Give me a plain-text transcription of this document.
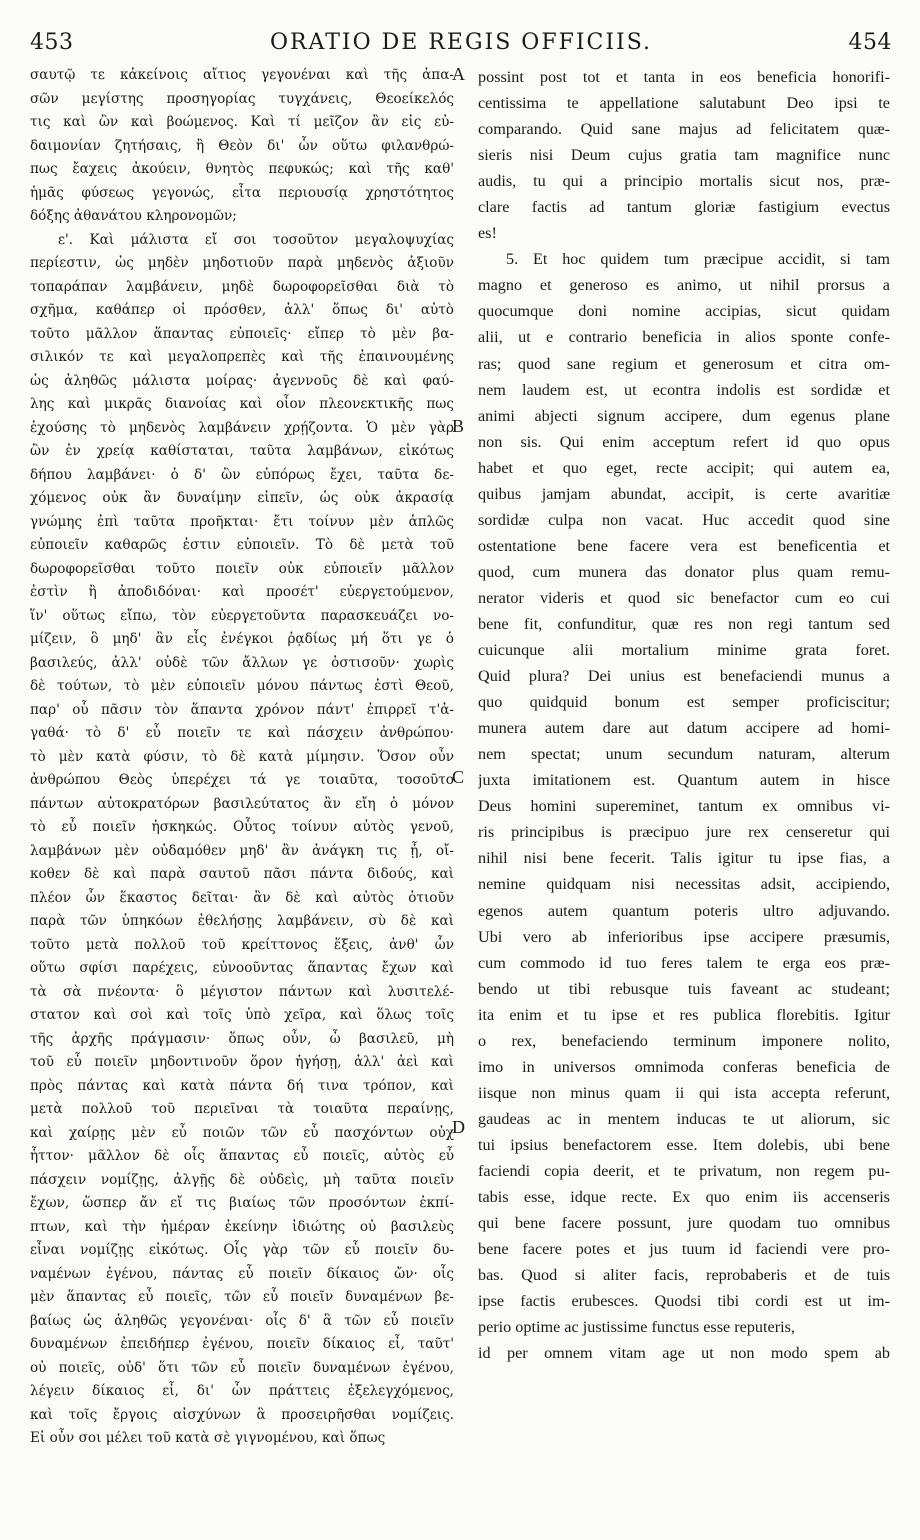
453	ORATIO DE REGIS OFFICIIS.	454
σαυτῷ τε κἀκείνοις αἴτιος γεγονέναι καὶ τῆς ἀπα-
σῶν μεγίστης προσηγορίας τυγχάνεις, Θεοείκελός
τις καὶ ὢν καὶ βοώμενος. Καὶ τί μεῖζον ἂν εἰς εὐ-
δαιμονίαν ζητήσαις, ἢ Θεὸν δι' ὧν οὕτω φιλανθρώ-
πως ἔαχεις ἀκούειν, θνητὸς πεφυκώς; καὶ τῆς καθ'
ἡμᾶς φύσεως γεγονώς, εἶτα περιουσίᾳ χρηστότητος
δόξης ἀθανάτου κληρονομῶν;
ε'. Καὶ μάλιστα εἴ σοι τοσοῦτον μεγαλοψυχίας
περίεστιν, ὡς μηδὲν μηδοτιοῦν παρὰ μηδενὸς ἀξιοῦν
τοπαράπαν λαμβάνειν, μηδὲ δωροφορεῖσθαι διὰ τὸ
σχῆμα, καθάπερ οἱ πρόσθεν, ἀλλ' ὅπως δι' αὐτὸ
τοῦτο μᾶλλον ἅπαντας εὐποιεῖς· εἴπερ τὸ μὲν βα-
σιλικόν τε καὶ μεγαλοπρεπὲς καὶ τῆς ἐπαινουμένης
ὡς ἀληθῶς μάλιστα μοίρας· ἀγεννοῦς δὲ καὶ φαύ-
λης καὶ μικρᾶς διανοίας καὶ οἷον πλεονεκτικῆς πως
ἐχούσης τὸ μηδενὸς λαμβάνειν χρῄζοντα. Ὁ μὲν γὰρ
ὢν ἐν χρείᾳ καθίσταται, ταῦτα λαμβάνων, εἰκότως
δήπου λαμβάνει· ὁ δ' ὢν εὐπόρως ἔχει, ταῦτα δε-
χόμενος οὐκ ἂν δυναίμην εἰπεῖν, ὡς οὐκ ἀκρασίᾳ
γνώμης ἐπὶ ταῦτα προῆκται· ἔτι τοίνυν μὲν ἁπλῶς
εὐποιεῖν καθαρῶς ἐστιν εὐποιεῖν. Τὸ δὲ μετὰ τοῦ
δωροφορεῖσθαι τοῦτο ποιεῖν οὐκ εὐποιεῖν μᾶλλον
ἐστὶν ἢ ἀποδιδόναι· καὶ προσέτ' εὐεργετούμενον,
ἵν' οὕτως εἴπω, τὸν εὐεργετοῦντα παρασκευάζει νο-
μίζειν, ὃ μηδ' ἂν εἷς ἐνέγκοι ῥᾳδίως μή ὅτι γε ὁ
βασιλεύς, ἀλλ' οὐδὲ τῶν ἄλλων γε ὁστισοῦν· χωρὶς
δὲ τούτων, τὸ μὲν εὐποιεῖν μόνου πάντως ἐστὶ Θεοῦ,
παρ' οὗ πᾶσιν τὸν ἅπαντα χρόνον πάντ' ἐπιρρεῖ τ'ἀ-
γαθά· τὸ δ' εὖ ποιεῖν τε καὶ πάσχειν ἀνθρώπου·
τὸ μὲν κατὰ φύσιν, τὸ δὲ κατὰ μίμησιν. Ὅσον οὖν
ἀνθρώπου Θεὸς ὑπερέχει τά γε τοιαῦτα, τοσοῦτο
πάντων αὐτοκρατόρων βασιλεύτατος ἂν εἴη ὁ μόνον
τὸ εὖ ποιεῖν ἠσκηκώς. Οὗτος τοίνυν αὐτὸς γενοῦ,
λαμβάνων μὲν οὐδαμόθεν μηδ' ἂν ἀνάγκη τις ᾖ, οἴ-
κοθεν δὲ καὶ παρὰ σαυτοῦ πᾶσι πάντα διδούς, καὶ
πλέον ὧν ἕκαστος δεῖται· ἂν δὲ καὶ αὐτὸς ὁτιοῦν
παρὰ τῶν ὑπηκόων ἐθελήσῃς λαμβάνειν, σὺ δὲ καὶ
τοῦτο μετὰ πολλοῦ τοῦ κρείττονος ἕξεις, ἀνθ' ὧν
οὕτω σφίσι παρέχεις, εὐνοοῦντας ἅπαντας ἔχων καὶ
τὰ σὰ πνέοντα· ὃ μέγιστον πάντων καὶ λυσιτελέ-
στατον καὶ σοὶ καὶ τοῖς ὑπὸ χεῖρα, καὶ ὅλως τοῖς
τῆς ἀρχῆς πράγμασιν· ὅπως οὖν, ὦ βασιλεῦ, μὴ
τοῦ εὖ ποιεῖν μηδοντινοῦν ὅρον ἡγήσῃ, ἀλλ' ἀεὶ καὶ
πρὸς πάντας καὶ κατὰ πάντα δή τινα τρόπον, καὶ
μετὰ πολλοῦ τοῦ περιεῖναι τὰ τοιαῦτα περαίνῃς,
καὶ χαίρῃς μὲν εὖ ποιῶν τῶν εὖ πασχόντων οὐχ
ἧττον· μᾶλλον δὲ οἷς ἅπαντας εὖ ποιεῖς, αὐτὸς εὖ
πάσχειν νομίζῃς, ἀλγῇς δὲ οὐδεὶς, μὴ ταῦτα ποιεῖν
ἔχων, ὥσπερ ἄν εἴ τις βιαίως τῶν προσόντων ἐκπί-
πτων, καὶ τὴν ἡμέραν ἐκείνην ἰδιώτης οὐ βασιλεὺς
εἶναι νομίζῃς εἰκότως. Οἷς γὰρ τῶν εὖ ποιεῖν δυ-
ναμένων ἐγένου, πάντας εὖ ποιεῖν δίκαιος ὤν· οἷς
μὲν ἅπαντας εὖ ποιεῖς, τῶν εὖ ποιεῖν δυναμένων βε-
βαίως ὡς ἀληθῶς γεγονέναι· οἷς δ' ἃ τῶν εὖ ποιεῖν
δυναμένων ἐπειδήπερ ἐγένου, ποιεῖν δίκαιος εἶ, ταῦτ'
οὐ ποιεῖς, οὐδ' ὅτι τῶν εὖ ποιεῖν δυναμένων ἐγένου,
λέγειν δίκαιος εἶ, δι' ὧν πράττεις ἐξελεγχόμενος,
καὶ τοῖς ἔργοις αἰσχύνων ἃ προσειρῆσθαι νομίζεις.
Εἰ οὖν σοι μέλει τοῦ κατὰ σὲ γιγνομένου, καὶ ὅπως
A
B
C
D
possint post tot et tanta in eos beneficia honorifi-
centissima te appellatione salutabunt Deo ipsi te
comparando. Quid sane majus ad felicitatem quæ-
sieris nisi Deum cujus gratia tam magnifice nunc
audis, tu qui a principio mortalis sicut nos, præ-
clare factis ad tantum gloriæ fastigium evectus
es!
5. Et hoc quidem tum præcipue accidit, si tam
magno et generoso es animo, ut nihil prorsus a
quocumque doni nomine accipias, sicut quidam
alii, ut e contrario beneficia in alios sponte confe-
ras; quod sane regium et generosum et citra om-
nem laudem est, ut econtra indolis est sordidæ et
animi abjecti signum accipere, dum egenus plane
non sis. Qui enim acceptum refert id quo opus
habet et quo eget, recte accipit; qui autem ea,
quibus jamjam abundat, accipit, is certe avaritiæ
sordidæ culpa non vacat. Huc accedit quod sine
ostentatione bene facere vera est beneficentia et
quod, cum munera das donator plus quam remu-
nerator videris et quod sic benefactor cum eo cui
bene fit, confunditur, quæ res non regi tantum sed
cuicunque alii mortalium minime grata foret.
Quid plura? Dei unius est benefaciendi munus a
quo quidquid bonum est semper proficiscitur;
munera autem dare aut datum accipere ad homi-
nem spectat; unum secundum naturam, alterum
juxta imitationem est. Quantum autem in hisce
Deus homini supereminet, tantum ex omnibus vi-
ris principibus is præcipuo jure rex censeretur qui
nihil nisi bene fecerit. Talis igitur tu ipse fias, a
nemine quidquam nisi necessitas adsit, accipiendo,
egenos autem quantum poteris ultro adjuvando.
Ubi vero ab inferioribus ipse accipere præsumis,
cum commodo id tuo feres talem te erga eos præ-
bendo ut tibi rebusque tuis faveant ac studeant;
ita enim et tu ipse et res publica florebitis. Igitur
o rex, benefaciendo terminum imponere nolito,
imo in universos omnimoda conferas beneficia de
iisque non minus quam ii qui ista accepta referunt,
gaudeas ac in mentem inducas te ut aliorum, sic
tui ipsius benefactorem esse. Item dolebis, ubi bene
faciendi copia deerit, et te privatum, non regem pu-
tabis esse, idque recte. Ex quo enim iis accenseris
qui bene facere possunt, jure quodam tuo omnibus
bene facere potes et jus tuum id faciendi vere pro-
bas. Quod si aliter facis, reprobaberis et de tuis
ipse factis erubesces. Quodsi tibi cordi est ut im-
perio optime ac justissime functus esse reputeris,
id per omnem vitam age ut non modo spem ab
